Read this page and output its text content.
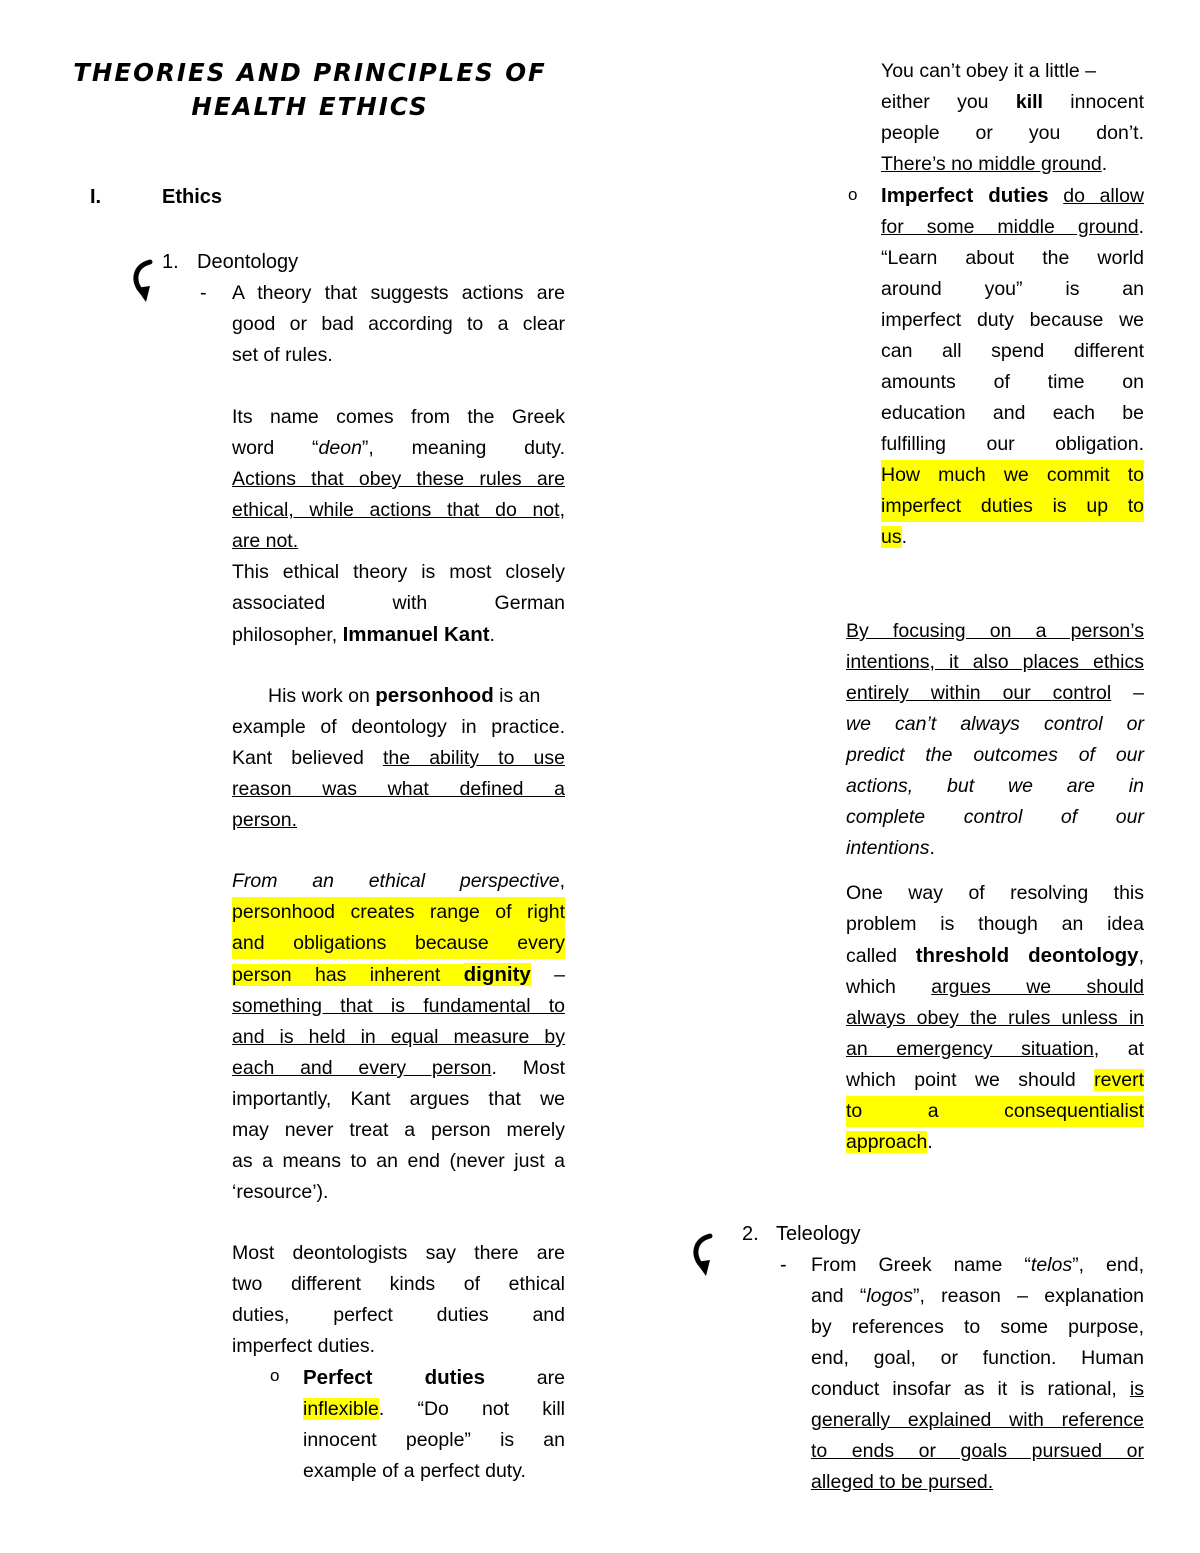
THEORIES AND PRINCIPLES OF
HEALTH ETHICS
I.	Ethics
1. Deontology
- A theory that suggests actions are
good or bad according to a clear
set of rules.
Its name comes from the Greek
word “deon”, meaning duty.
Actions that obey these rules are
ethical, while actions that do not,
are not.
This ethical theory is most closely
associated with German
philosopher, Immanuel Kant.
His work on personhood is an
example of deontology in practice.
Kant believed the ability to use
reason was what defined a
person.
From an ethical perspective,
personhood creates range of right
and obligations because every
person has inherent dignity –
something that is fundamental to
and is held in equal measure by
each and every person. Most
importantly, Kant argues that we
may never treat a person merely
as a means to an end (never just a
‘resource’).
Most deontologists say there are
two different kinds of ethical
duties, perfect duties and
imperfect duties.
o Perfect duties are
inflexible. “Do not kill
innocent people” is an
example of a perfect duty.
You can’t obey it a little –
either you kill innocent
people or you don’t.
There’s no middle ground.
o Imperfect duties do allow
for some middle ground.
“Learn about the world
around you” is an
imperfect duty because we
can all spend different
amounts of time on
education and each be
fulfilling our obligation.
How much we commit to
imperfect duties is up to
us.
By focusing on a person’s
intentions, it also places ethics
entirely within our control –
we can’t always control or
predict the outcomes of our
actions, but we are in
complete control of our
intentions.
One way of resolving this
problem is though an idea
called threshold deontology,
which argues we should
always obey the rules unless in
an emergency situation, at
which point we should revert
to a consequentialist
approach.
2. Teleology
- From Greek name “telos”, end,
and “logos”, reason – explanation
by references to some purpose,
end, goal, or function. Human
conduct insofar as it is rational, is
generally explained with reference
to ends or goals pursued or
alleged to be pursed.
